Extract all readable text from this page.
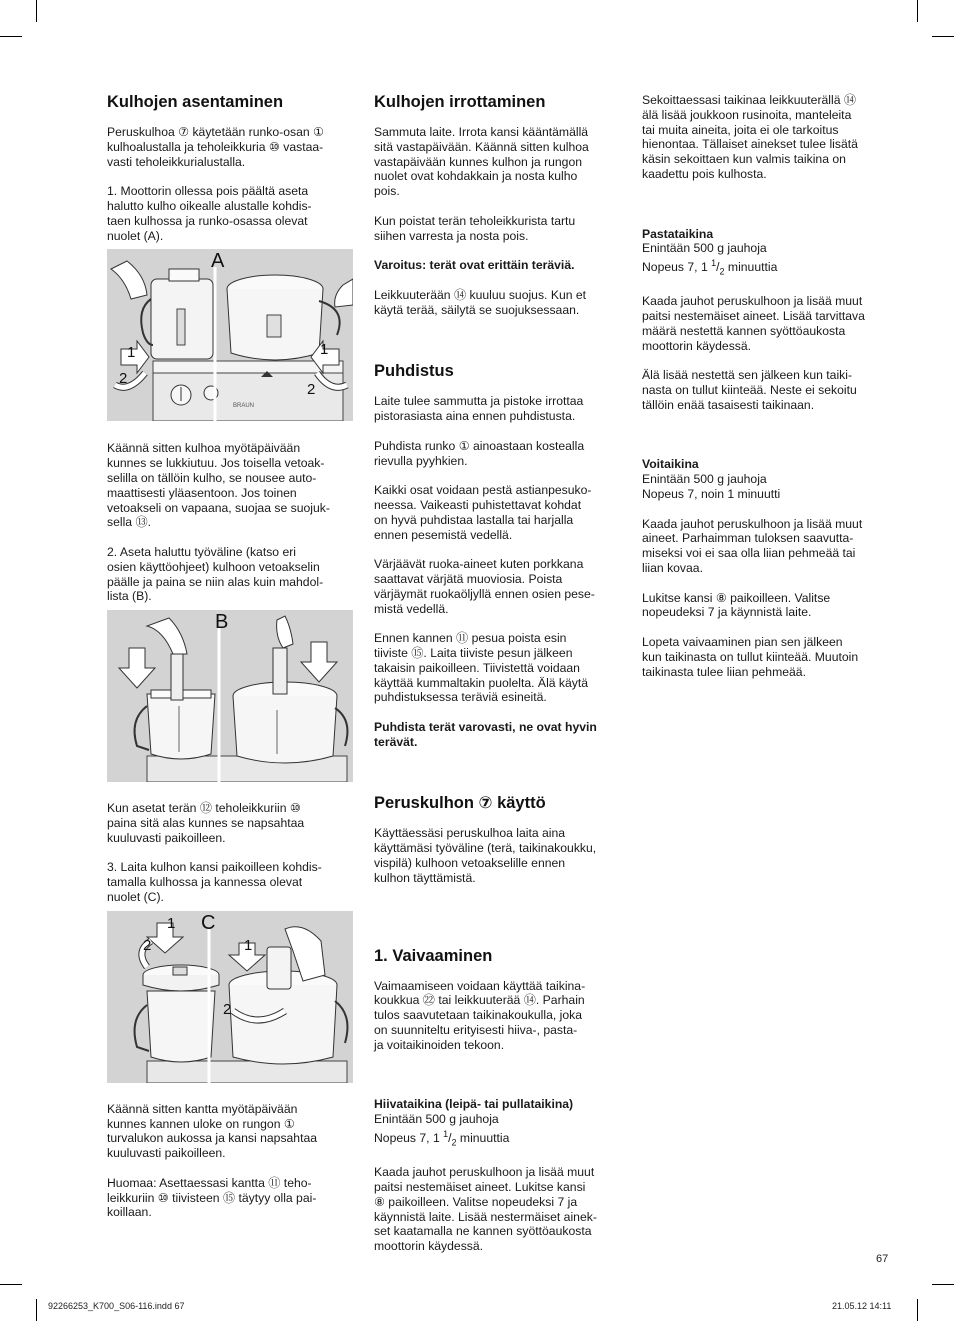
Kulhojen asentaminen

Peruskulhoa ⑦ käytetään runko-osan ①
kulhoalustalla ja teholeikkuria ⑩ vastaa-
vasti teholeikkurialustalla.

1. Moottorin ollessa pois päältä aseta
halutto kulho oikealle alustalle kohdis-
taen kulhossa ja runko-osassa olevat
nuolet (A).

BRAUN
A
1
2
1
2

Käännä sitten kulhoa myötäpäivään
kunnes se lukkiutuu. Jos toisella vetoak-
selilla on tällöin kulho, se nousee auto-
maattisesti yläasentoon. Jos toinen
vetoakseli on vapaana, suojaa se suojuk-
sella ⑬.

2. Aseta haluttu työväline (katso eri
osien käyttöohjeet) kulhoon vetoakselin
päälle ja paina se niin alas kuin mahdol-
lista (B).

B

Kun asetat terän ⑫ teholeikkuriin ⑩
paina sitä alas kunnes se napsahtaa
kuuluvasti paikoilleen.

3. Laita kulhon kansi paikoilleen kohdis-
tamalla kulhossa ja kannessa olevat
nuolet (C).

C
1
2	1
2

Käännä sitten kantta myötäpäivään
kunnes kannen uloke on rungon ①
turvalukon aukossa ja kansi napsahtaa
kuuluvasti paikoilleen.

Huomaa: Asettaessasi kantta ⑪ teho-
leikkuriin ⑩ tiivisteen ⑮ täytyy olla pai-
koillaan.

Kulhojen irrottaminen

Sammuta laite. Irrota kansi kääntämällä
sitä vastapäivään. Käännä sitten kulhoa
vastapäivään kunnes kulhon ja rungon
nuolet ovat kohdakkain ja nosta kulho
pois.

Kun poistat terän teholeikkurista tartu
siihen varresta ja nosta pois.

Varoitus: terät ovat erittäin teräviä.

Leikkuuterään ⑭ kuuluu suojus. Kun et
käytä terää, säilytä se suojuksessaan.

Puhdistus

Laite tulee sammutta ja pistoke irrottaa
pistorasiasta aina ennen puhdistusta.

Puhdista runko ① ainoastaan kostealla
rievulla pyyhkien.

Kaikki osat voidaan pestä astianpesuko-
neessa. Vaikeasti puhistettavat kohdat
on hyvä puhdistaa lastalla tai harjalla
ennen pesemistä vedellä.

Värjäävät ruoka-aineet kuten porkkana
saattavat värjätä muoviosia. Poista
värjäymät ruokaöljyllä ennen osien pese-
mistä vedellä.

Ennen kannen ⑪ pesua poista esin
tiiviste ⑮. Laita tiiviste pesun jälkeen
takaisin paikoilleen. Tiivistettä voidaan
käyttää kummaltakin puolelta. Älä käytä
puhdistuksessa teräviä esineitä.

Puhdista terät varovasti, ne ovat hyvin
terävät.

Peruskulhon ⑦ käyttö

Käyttäessäsi peruskulhoa laita aina
käyttämäsi työväline (terä, taikinakoukku,
vispilä) kulhoon vetoakselille ennen
kulhon täyttämistä.

1. Vaivaaminen

Vaimaamiseen voidaan käyttää taikina-
koukkua ㉒ tai leikkuuterää ⑭. Parhain
tulos saavutetaan taikinakoukulla, joka
on suunniteltu erityisesti hiiva-, pasta-
ja voitaikinoiden tekoon.

Hiivataikina (leipä- tai pullataikina)
Enintään 500 g jauhoja
Nopeus 7, 1 $^1/_2$ minuuttia

Kaada jauhot peruskulhoon ja lisää muut
paitsi nestemäiset aineet. Lukitse kansi
⑧ paikoilleen. Valitse nopeudeksi 7 ja
käynnistä laite. Lisää nestermäiset ainek-
set kaatamalla ne kannen syöttöaukosta
moottorin käydessä.

Sekoittaessasi taikinaa leikkuuterällä ⑭
älä lisää joukkoon rusinoita, manteleita
tai muita aineita, joita ei ole tarkoitus
hienontaa. Tällaiset ainekset tulee lisätä
käsin sekoittaen kun valmis taikina on
kaadettu pois kulhosta.

Pastataikina
Enintään 500 g jauhoja
Nopeus 7, 1 $^1/_2$ minuuttia

Kaada jauhot peruskulhoon ja lisää muut
paitsi nestemäiset aineet. Lisää tarvittava
määrä nestettä kannen syöttöaukosta
moottorin käydessä.

Älä lisää nestettä sen jälkeen kun taiki-
nasta on tullut kiinteää. Neste ei sekoitu
tällöin enää tasaisesti taikinaan.

Voitaikina
Enintään 500 g jauhoja
Nopeus 7, noin 1 minuutti

Kaada jauhot peruskulhoon ja lisää muut
aineet. Parhaimman tuloksen saavutta-
miseksi voi ei saa olla liian pehmeää tai
liian kovaa.

Lukitse kansi ⑧ paikoilleen. Valitse
nopeudeksi 7 ja käynnistä laite.

Lopeta vaivaaminen pian sen jälkeen
kun taikinasta on tullut kiinteää. Muutoin
taikinasta tulee liian pehmeää.

67
92266253_K700_S06-116.indd 67	21.05.12 14:11
